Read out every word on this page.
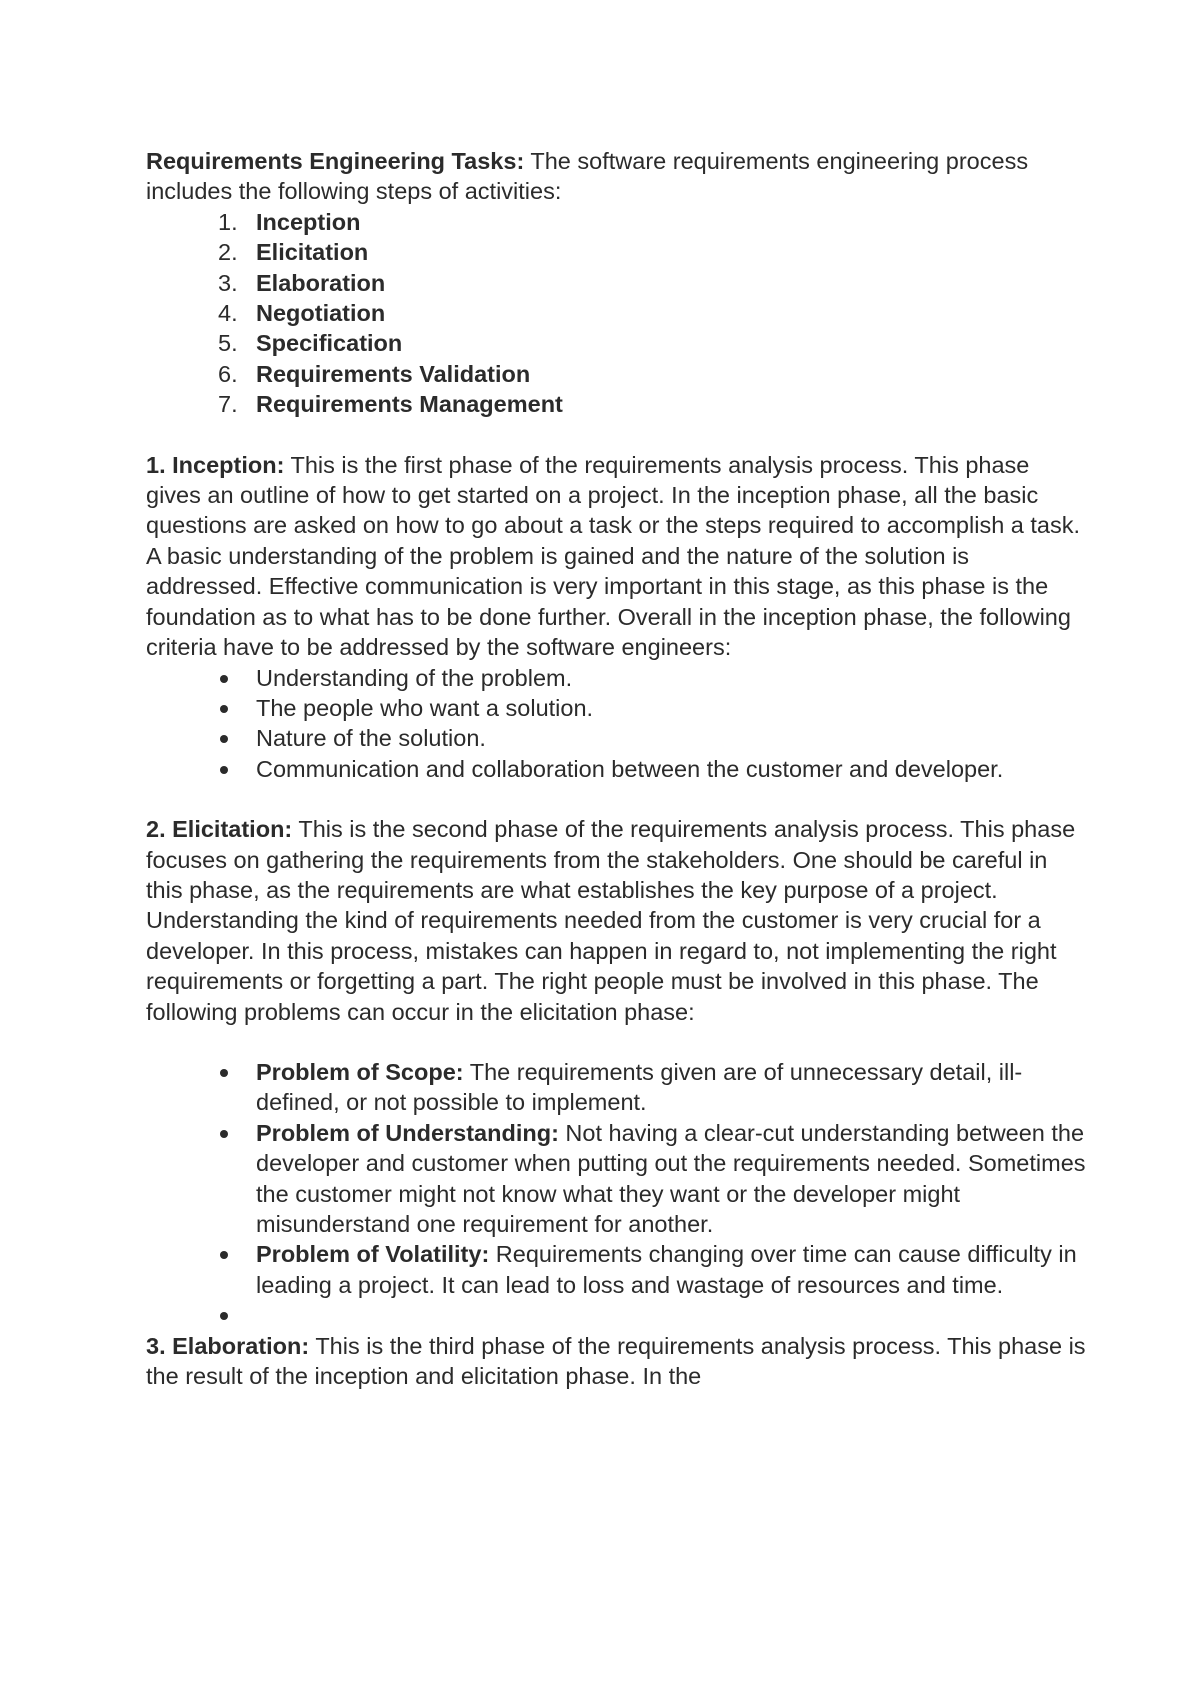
Requirements Engineering Tasks: The software requirements engineering process includes the following steps of activities:

1. Inception
2. Elicitation
3. Elaboration
4. Negotiation
5. Specification
6. Requirements Validation
7. Requirements Management

1. Inception: This is the first phase of the requirements analysis process. This phase gives an outline of how to get started on a project. In the inception phase, all the basic questions are asked on how to go about a task or the steps required to accomplish a task. A basic understanding of the problem is gained and the nature of the solution is addressed. Effective communication is very important in this stage, as this phase is the foundation as to what has to be done further. Overall in the inception phase, the following criteria have to be addressed by the software engineers:

Understanding of the problem.
The people who want a solution.
Nature of the solution.
Communication and collaboration between the customer and developer.

2. Elicitation: This is the second phase of the requirements analysis process. This phase focuses on gathering the requirements from the stakeholders. One should be careful in this phase, as the requirements are what establishes the key purpose of a project. Understanding the kind of requirements needed from the customer is very crucial for a developer. In this process, mistakes can happen in regard to, not implementing the right requirements or forgetting a part. The right people must be involved in this phase. The following problems can occur in the elicitation phase:

Problem of Scope: The requirements given are of unnecessary detail, ill-defined, or not possible to implement.
Problem of Understanding: Not having a clear-cut understanding between the developer and customer when putting out the requirements needed. Sometimes the customer might not know what they want or the developer might misunderstand one requirement for another.
Problem of Volatility: Requirements changing over time can cause difficulty in leading a project. It can lead to loss and wastage of resources and time.

3. Elaboration: This is the third phase of the requirements analysis process. This phase is the result of the inception and elicitation phase. In the
